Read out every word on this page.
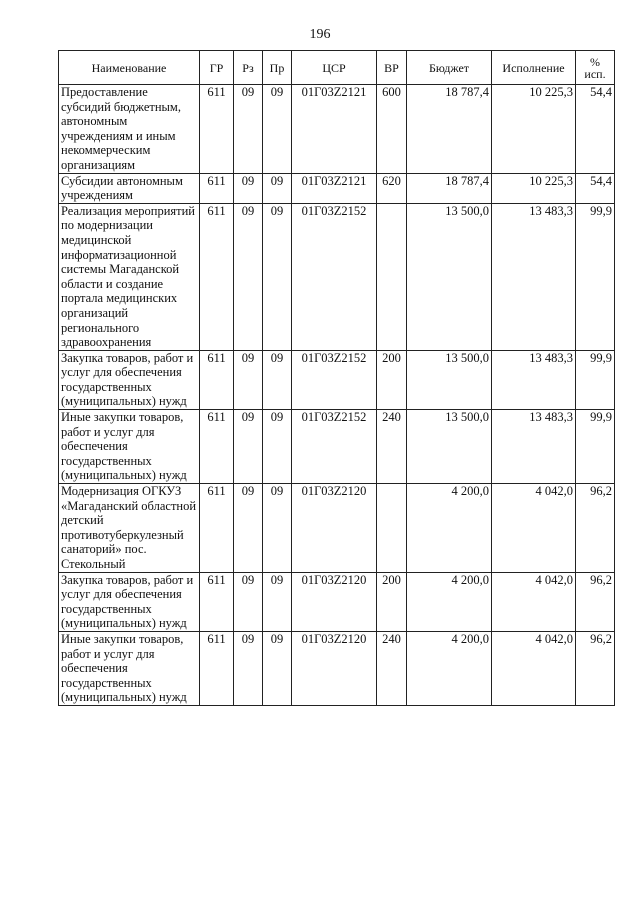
196
Наименование	ГР	Рз	Пр	ЦСР	ВР	Бюджет	Исполнение	%
исп.

Предоставление субсидий бюджетным, автономным учреждениям и иным некоммерческим организациям	611	09	09	01Г03Z2121	600	18 787,4	10 225,3	54,4
Субсидии автономным учреждениям	611	09	09	01Г03Z2121	620	18 787,4	10 225,3	54,4
Реализация мероприятий по модернизации медицинской информатизационной системы Магаданской области и создание портала медицинских организаций регионального здравоохранения	611	09	09	01Г03Z2152		13 500,0	13 483,3	99,9
Закупка товаров, работ и услуг для обеспечения государственных (муниципальных) нужд	611	09	09	01Г03Z2152	200	13 500,0	13 483,3	99,9
Иные закупки товаров, работ и услуг для обеспечения государственных (муниципальных) нужд	611	09	09	01Г03Z2152	240	13 500,0	13 483,3	99,9
Модернизация ОГКУЗ «Магаданский областной детский противотуберкулезный санаторий» пос. Стекольный	611	09	09	01Г03Z2120		4 200,0	4 042,0	96,2
Закупка товаров, работ и услуг для обеспечения государственных (муниципальных) нужд	611	09	09	01Г03Z2120	200	4 200,0	4 042,0	96,2
Иные закупки товаров, работ и услуг для обеспечения государственных (муниципальных) нужд	611	09	09	01Г03Z2120	240	4 200,0	4 042,0	96,2
